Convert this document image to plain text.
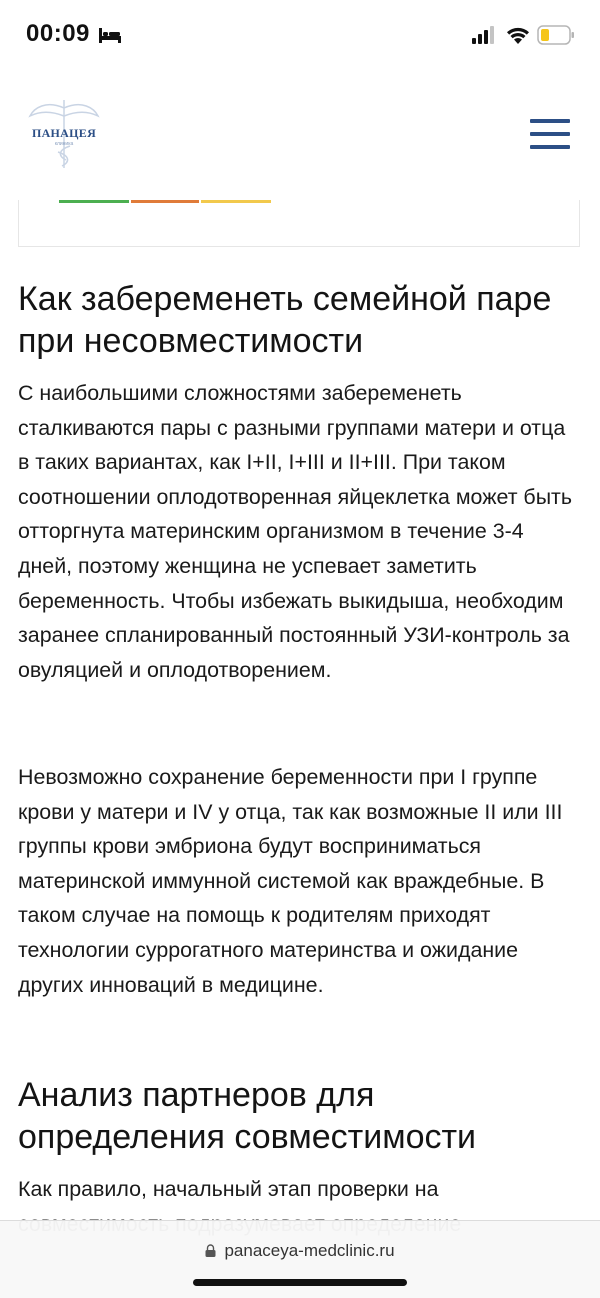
00:09
ПАНАЦЕЯ
клиника
Как забеременеть семейной паре при несовместимости

С наибольшими сложностями забеременеть сталкиваются пары с разными группами матери и отца в таких вариантах, как I+II, I+III и II+III. При таком соотношении оплодотворенная яйцеклетка может быть отторгнута материнским организмом в течение 3-4 дней, поэтому женщина не успевает заметить беременность. Чтобы избежать выкидыша, необходим заранее спланированный постоянный УЗИ-контроль за овуляцией и оплодотворением.

Невозможно сохранение беременности при I группе крови у матери и IV у отца, так как возможные II или III группы крови эмбриона будут восприниматься материнской иммунной системой как враждебные. В таком случае на помощь к родителям приходят технологии суррогатного материнства и ожидание других инноваций в медицине.

Анализ партнеров для определения совместимости

Как правило, начальный этап проверки на

panaceya-medclinic.ru
